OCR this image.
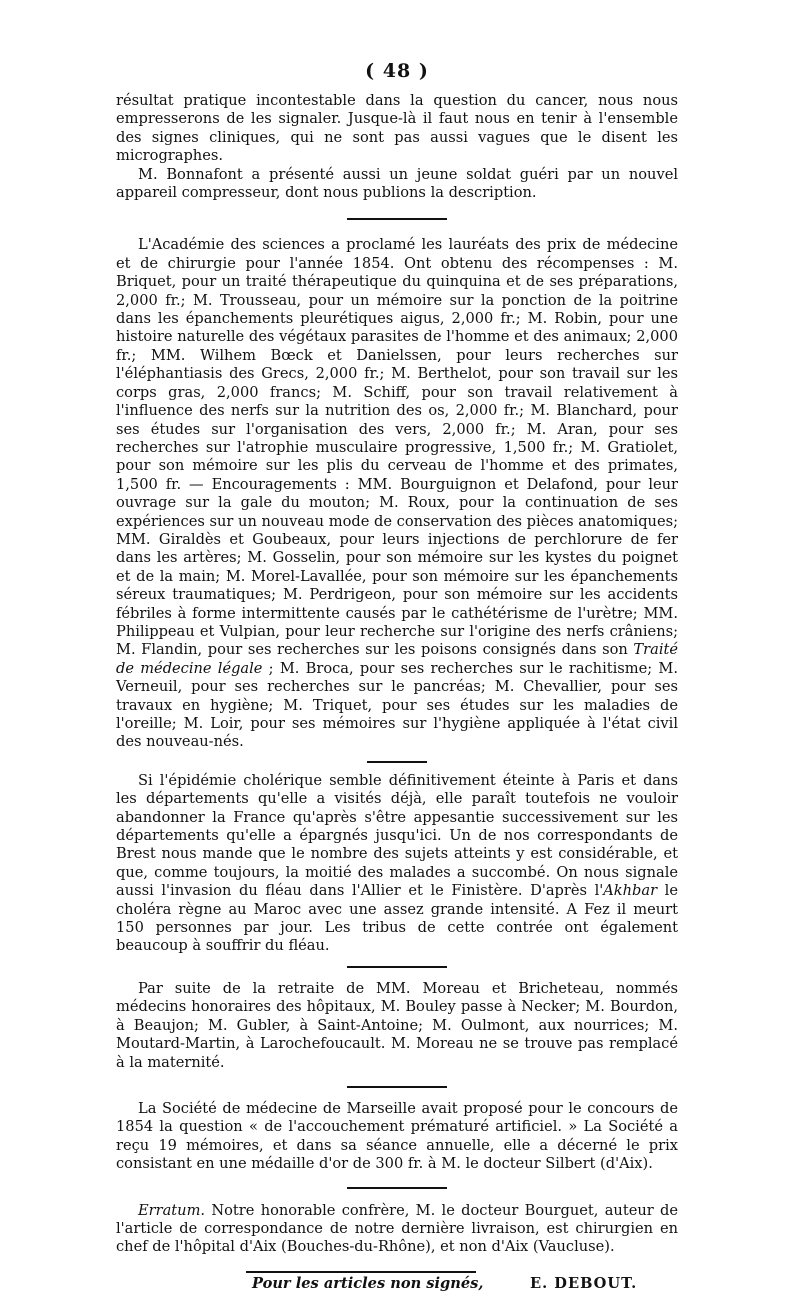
( 48 )

résultat pratique incontestable dans la question du cancer, nous nous empresserons de les signaler. Jusque-là il faut nous en tenir à l'ensemble des signes cliniques, qui ne sont pas aussi vagues que le disent les micrographes.

M. Bonnafont a présenté aussi un jeune soldat guéri par un nouvel appareil compresseur, dont nous publions la description.

L'Académie des sciences a proclamé les lauréats des prix de médecine et de chirurgie pour l'année 1854. Ont obtenu des récompenses : M. Briquet, pour un traité thérapeutique du quinquina et de ses préparations, 2,000 fr.; M. Trousseau, pour un mémoire sur la ponction de la poitrine dans les épanchements pleurétiques aigus, 2,000 fr.; M. Robin, pour une histoire naturelle des végétaux parasites de l'homme et des animaux; 2,000 fr.; MM. Wilhem Bœck et Danielssen, pour leurs recherches sur l'éléphantiasis des Grecs, 2,000 fr.; M. Berthelot, pour son travail sur les corps gras, 2,000 francs; M. Schiff, pour son travail relativement à l'influence des nerfs sur la nutrition des os, 2,000 fr.; M. Blanchard, pour ses études sur l'organisation des vers, 2,000 fr.; M. Aran, pour ses recherches sur l'atrophie musculaire progressive, 1,500 fr.; M. Gratiolet, pour son mémoire sur les plis du cerveau de l'homme et des primates, 1,500 fr. — Encouragements : MM. Bourguignon et Delafond, pour leur ouvrage sur la gale du mouton; M. Roux, pour la continuation de ses expériences sur un nouveau mode de conservation des pièces anatomiques; MM. Giraldès et Goubeaux, pour leurs injections de perchlorure de fer dans les artères; M. Gosselin, pour son mémoire sur les kystes du poignet et de la main; M. Morel-Lavallée, pour son mémoire sur les épanchements séreux traumatiques; M. Perdrigeon, pour son mémoire sur les accidents fébriles à forme intermittente causés par le cathétérisme de l'urètre; MM. Philippeau et Vulpian, pour leur recherche sur l'origine des nerfs crâniens; M. Flandin, pour ses recherches sur les poisons consignés dans son Traité de médecine légale ; M. Broca, pour ses recherches sur le rachitisme; M. Verneuil, pour ses recherches sur le pancréas; M. Chevallier, pour ses travaux en hygiène; M. Triquet, pour ses études sur les maladies de l'oreille; M. Loir, pour ses mémoires sur l'hygiène appliquée à l'état civil des nouveau-nés.

Si l'épidémie cholérique semble définitivement éteinte à Paris et dans les départements qu'elle a visités déjà, elle paraît toutefois ne vouloir abandonner la France qu'après s'être appesantie successivement sur les départements qu'elle a épargnés jusqu'ici. Un de nos correspondants de Brest nous mande que le nombre des sujets atteints y est considérable, et que, comme toujours, la moitié des malades a succombé. On nous signale aussi l'invasion du fléau dans l'Allier et le Finistère. D'après l'Akhbar le choléra règne au Maroc avec une assez grande intensité. A Fez il meurt 150 personnes par jour. Les tribus de cette contrée ont également beaucoup à souffrir du fléau.

Par suite de la retraite de MM. Moreau et Bricheteau, nommés médecins honoraires des hôpitaux, M. Bouley passe à Necker; M. Bourdon, à Beaujon; M. Gubler, à Saint-Antoine; M. Oulmont, aux nourrices; M. Moutard-Martin, à Larochefoucault. M. Moreau ne se trouve pas remplacé à la maternité.

La Société de médecine de Marseille avait proposé pour le concours de 1854 la question « de l'accouchement prématuré artificiel. » La Société a reçu 19 mémoires, et dans sa séance annuelle, elle a décerné le prix consistant en une médaille d'or de 300 fr. à M. le docteur Silbert (d'Aix).

Erratum. Notre honorable confrère, M. le docteur Bourguet, auteur de l'article de correspondance de notre dernière livraison, est chirurgien en chef de l'hôpital d'Aix (Bouches-du-Rhône), et non d'Aix (Vaucluse).

Pour les articles non signés,	E. DEBOUT.
